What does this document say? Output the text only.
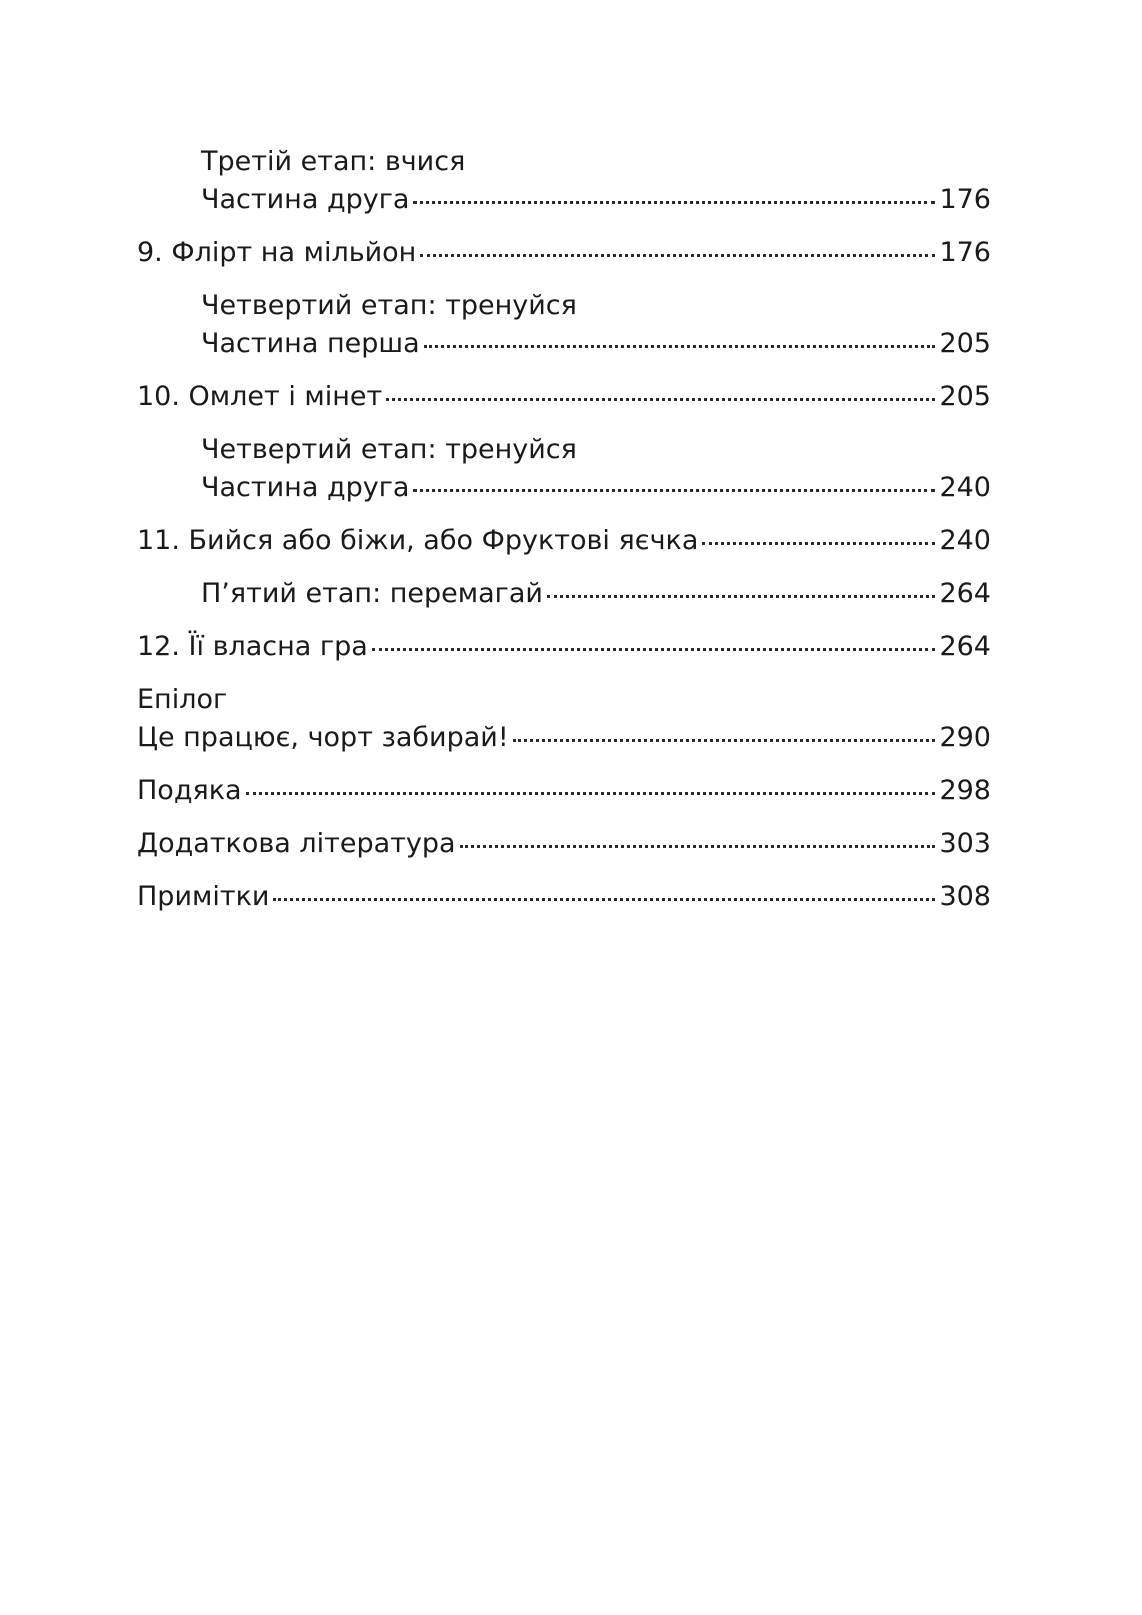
Третій етап: вчися
Частина друга	176
9. Флірт на мільйон	176
Четвертий етап: тренуйся
Частина перша	205
10. Омлет і мінет	205
Четвертий етап: тренуйся
Частина друга	240
11. Бийся або біжи, або Фруктові яєчка	240
П’ятий етап: перемагай	264
12. Її власна гра	264
Епілог
Це працює, чорт забирай!	290
Подяка	298
Додаткова література	303
Примітки	308
